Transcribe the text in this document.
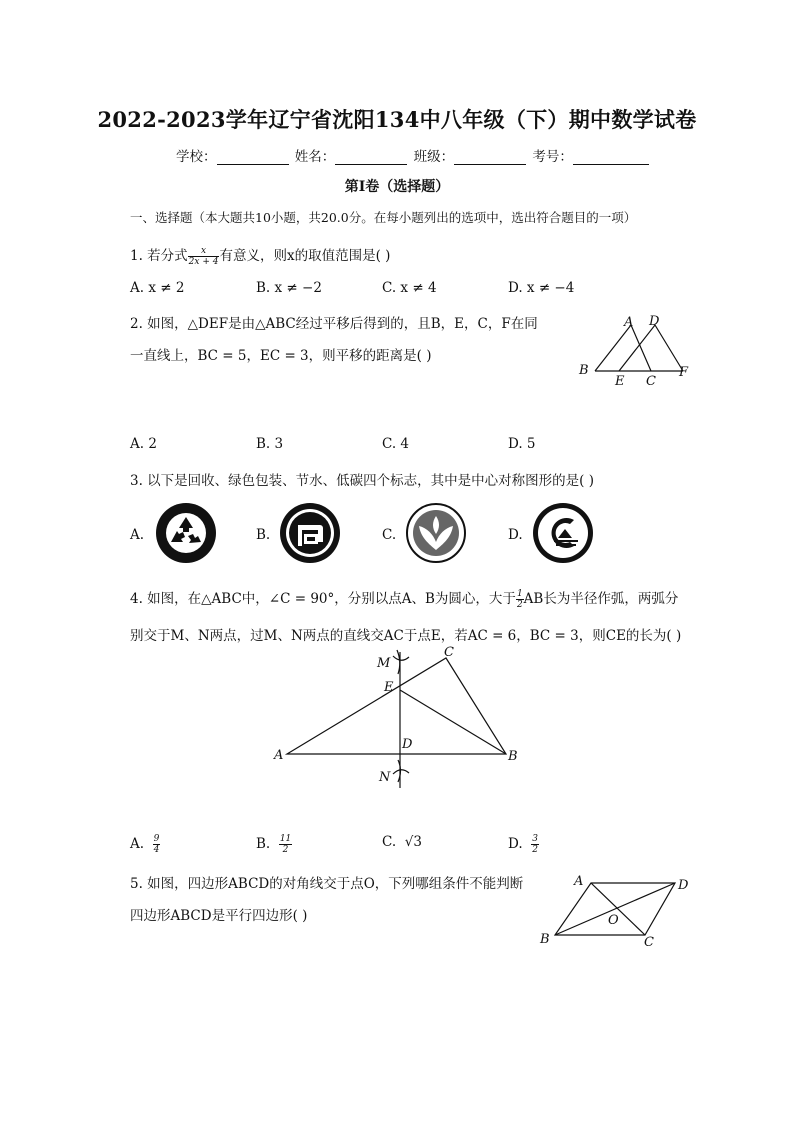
2022-2023学年辽宁省沈阳134中八年级（下）期中数学试卷
学校：	姓名：	班级：	考号：
第Ⅰ卷（选择题）
一、选择题（本大题共10小题，共20.0分。在每小题列出的选项中，选出符合题目的一项）
1. 若分式 $\frac{x}{2x + 4}$ 有意义，则x的取值范围是( )
A. x ≠ 2	B. x ≠ −2	C. x ≠ 4	D. x ≠ −4
2. 如图，△DEF是由△ABC经过平移后得到的，且B，E，C，F在同
一直线上，BC = 5，EC = 3，则平移的距离是( )
A D
B
E C
F
A. 2	B. 3	C. 4	D. 5
3. 以下是回收、绿色包装、节水、低碳四个标志，其中是中心对称图形的是( )
A.	B.	C.	D.
4. 如图，在△ABC中，∠C = 90°，分别以点A、B为圆心，大于 $\frac{1}{2}$ AB长为半径作弧，两弧分
别交于M、N两点，过M、N两点的直线交AC于点E，若AC = 6，BC = 3，则CE的长为( )
M
C
E
D
A	B
N
A. $\frac{9}{4}$	B. $\frac{11}{2}$	C. √3	D. $\frac{3}{2}$
5. 如图，四边形ABCD的对角线交于点O，下列哪组条件不能判断
四边形ABCD是平行四边形( )
A	D
O
B	C
